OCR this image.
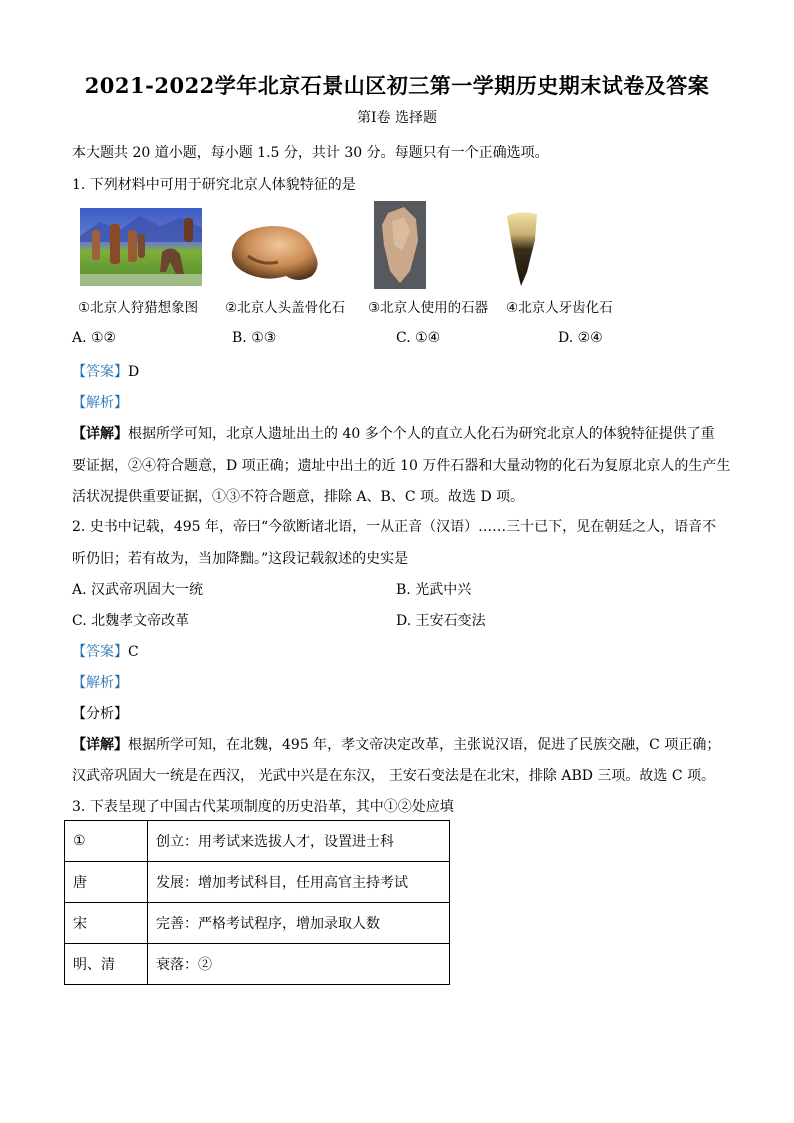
2021-2022学年北京石景山区初三第一学期历史期末试卷及答案
第Ⅰ卷 选择题
本大题共 20 道小题，每小题 1.5 分，共计 30 分。每题只有一个正确选项。
1. 下列材料中可用于研究北京人体貌特征的是
①北京人狩猎想象图 ②北京人头盖骨化石 ③北京人使用的石器 ④北京人牙齿化石
A. ①②	B. ①③	C. ①④	D. ②④
【答案】D
【解析】
【详解】根据所学可知，北京人遗址出土的 40 多个个人的直立人化石为研究北京人的体貌特征提供了重
要证据，②④符合题意，D 项正确；遗址中出土的近 10 万件石器和大量动物的化石为复原北京人的生产生
活状况提供重要证据，①③不符合题意，排除 A、B、C 项。故选 D 项。
2. 史书中记载，495 年，帝曰“今欲断诸北语，一从正音（汉语）……三十已下，见在朝廷之人，语音不
听仍旧；若有故为，当加降黜。”这段记载叙述的史实是
A. 汉武帝巩固大一统	B. 光武中兴
C. 北魏孝文帝改革	D. 王安石变法
【答案】C
【解析】
【分析】
【详解】根据所学可知，在北魏，495 年，孝文帝决定改革，主张说汉语，促进了民族交融，C 项正确；
汉武帝巩固大一统是在西汉， 光武中兴是在东汉， 王安石变法是在北宋，排除 ABD 三项。故选 C 项。
3. 下表呈现了中国古代某项制度的历史沿革，其中①②处应填
①	创立：用考试来选拔人才，设置进士科
唐	发展：增加考试科目，任用高官主持考试
宋	完善：严格考试程序，增加录取人数
明、清	衰落：②
